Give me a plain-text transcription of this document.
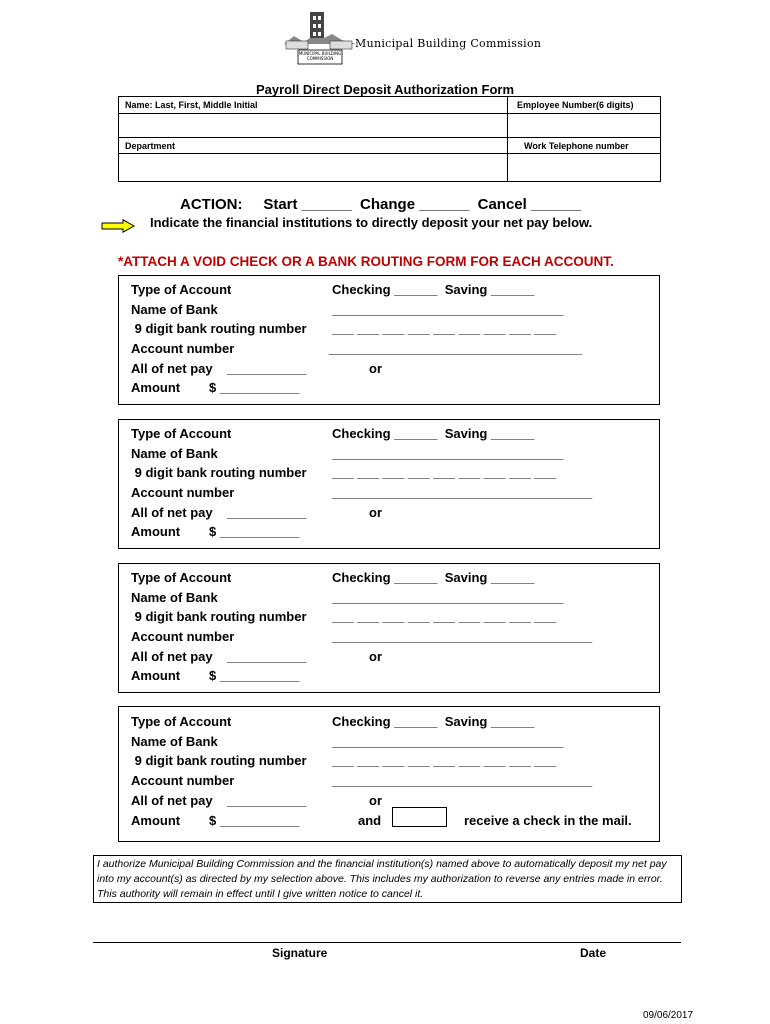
MUNICIPAL BUILDING COMMISSION
Municipal Building Commission
Payroll Direct Deposit Authorization Form
Name: Last, First, Middle Initial	Employee Number(6 digits)
Department	Work Telephone number
ACTION:     Start ______  Change ______  Cancel ______
Indicate the financial institutions to directly deposit your net pay below.
*ATTACH A VOID CHECK OR A BANK ROUTING FORM FOR EACH ACCOUNT.
Type of Account	Checking ______  Saving ______
Name of Bank	________________________________
9 digit bank routing number ___ ___ ___ ___ ___ ___ ___ ___ ___
Account number	___________________________________
All of net pay    ___________	or
Amount        $ ___________
Type of Account	Checking ______  Saving ______
Name of Bank	________________________________
9 digit bank routing number ___ ___ ___ ___ ___ ___ ___ ___ ___
Account number	____________________________________
All of net pay    ___________	or
Amount        $ ___________
Type of Account	Checking ______  Saving ______
Name of Bank	________________________________
9 digit bank routing number ___ ___ ___ ___ ___ ___ ___ ___ ___
Account number	____________________________________
All of net pay    ___________	or
Amount        $ ___________
Type of Account	Checking ______  Saving ______
Name of Bank	________________________________
9 digit bank routing number ___ ___ ___ ___ ___ ___ ___ ___ ___
Account number	____________________________________
All of net pay    ___________	or
Amount        $ ___________	and	receive a check in the mail.
I authorize Municipal Building Commission and the financial institution(s) named above to automatically deposit my net pay into my account(s) as directed by my selection above. This includes my authorization to reverse any entries made in error. This authority will remain in effect until I give written notice to cancel it.
Signature	Date
09/06/2017
